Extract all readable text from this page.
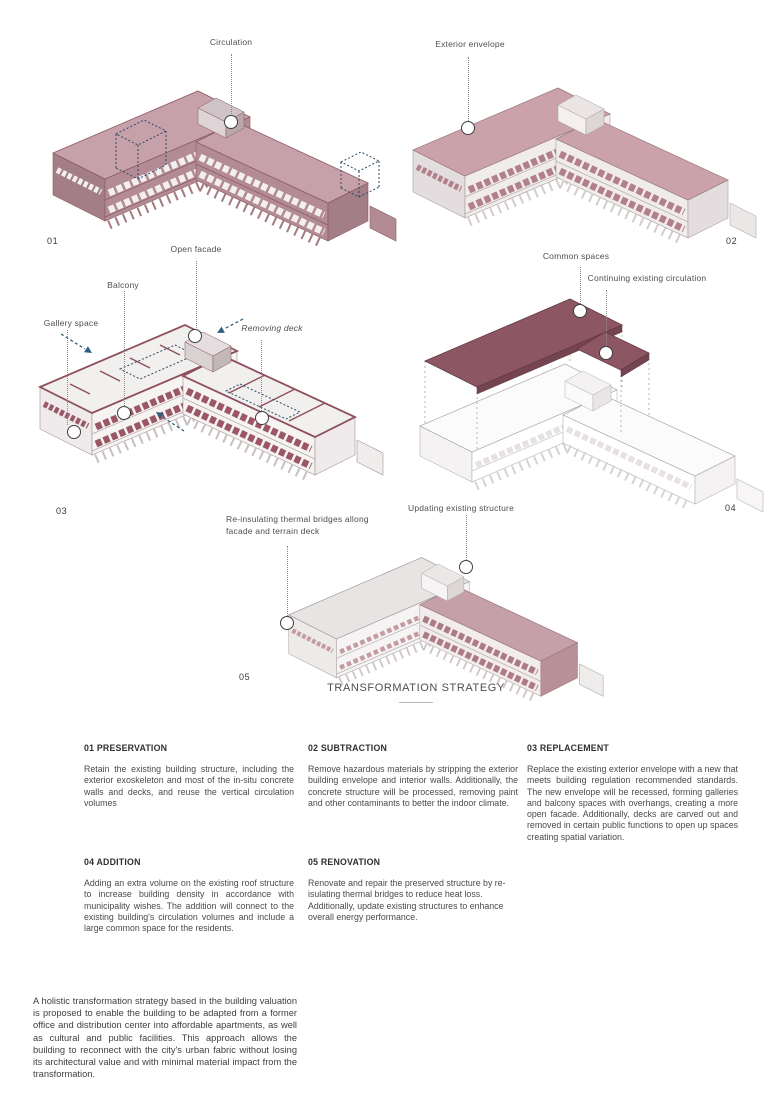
Circulation	Exterior envelope
Open facade
Balcony
Gallery space	Removing deck
Common spaces
Continuing existing circulation
Re-insulating thermal bridges allong facade and terrain deck
Updating existing structure
01	02
03	04
05
TRANSFORMATION STRATEGY
01 PRESERVATION

Retain the existing building structure, including the exterior exoskeleton and most of the in-situ concrete walls and decks, and reuse the vertical circulation volumes

02 SUBTRACTION

Remove hazardous materials by stripping the exterior building envelope and interior walls. Additionally, the concrete structure will be processed, removing paint and other contaminants to better the indoor climate.

03 REPLACEMENT

Replace the existing exterior envelope with a new that meets building regulation recommended standards. The new envelope will be recessed, forming galleries and balcony spaces with overhangs, creating a more open facade. Additionally, decks are carved out and removed in certain public functions to open up spaces creating spatial variation.

04 ADDITION

Adding an extra volume on the existing roof structure to increase building density in accordance with municipality wishes. The addition will connect to the existing building's circulation volumes and include a large common space for the residents.

05 RENOVATION

Renovate and repair the preserved structure by re-isulating thermal bridges to reduce heat loss. Additionally, update existing structures to enhance overall energy performance.

A holistic transformation strategy based in the building valuation is proposed to enable the building to be adapted from a former office and distribution center into affordable apartments, as well as cultural and public facilities. This approach allows the building to reconnect with the city's urban fabric without losing its architectural value and with minimal material impact from the transformation.
